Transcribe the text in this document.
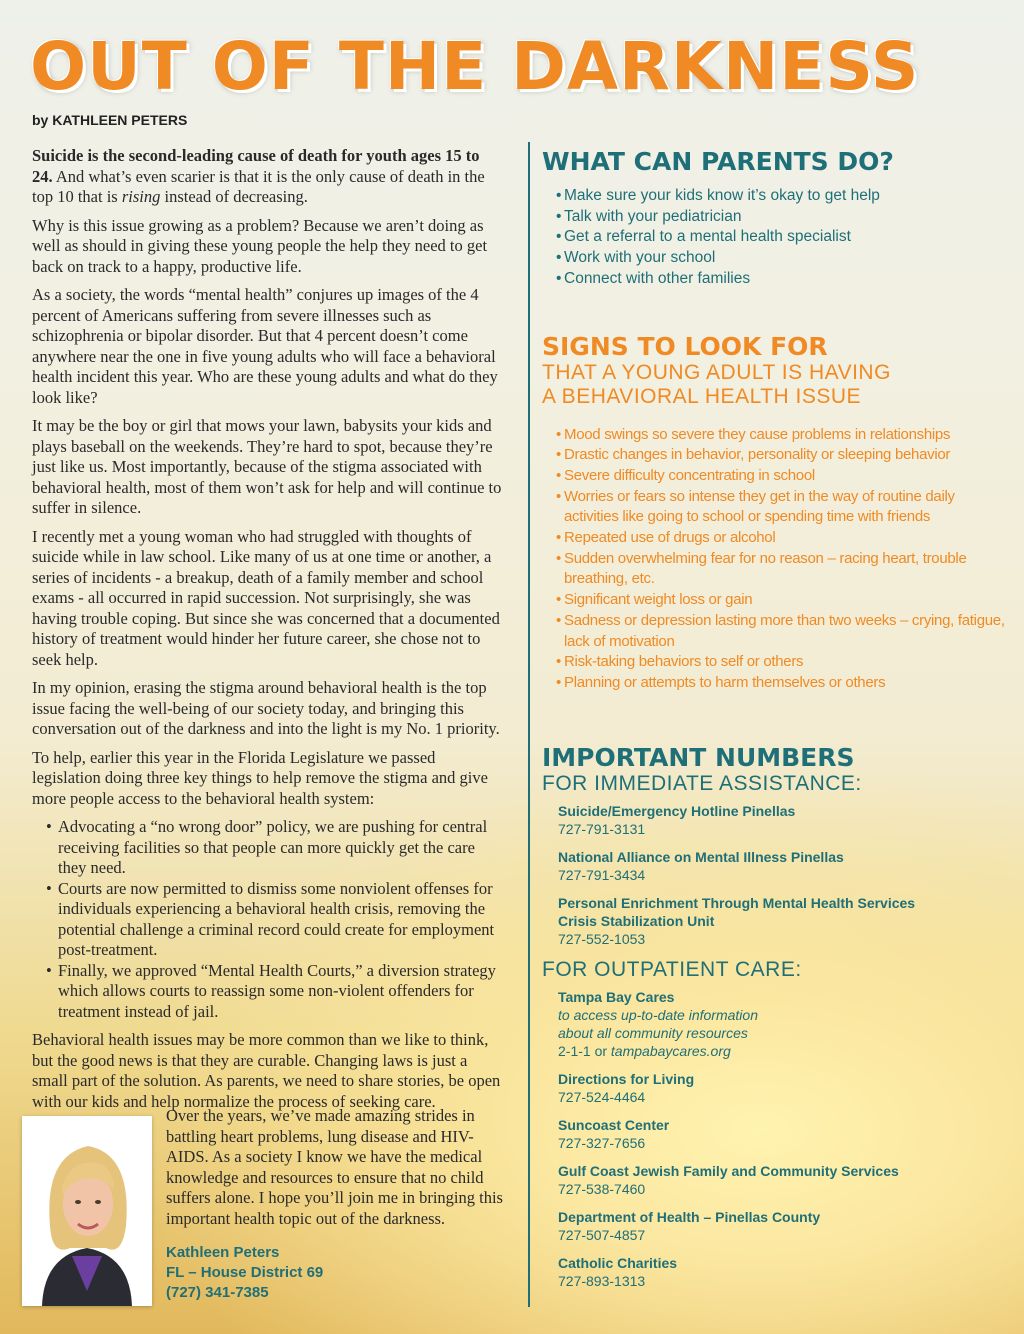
OUT OF THE DARKNESS
by KATHLEEN PETERS

Suicide is the second-leading cause of death for youth ages 15 to 24. And what’s even scarier is that it is the only cause of death in the top 10 that is rising instead of decreasing.

Why is this issue growing as a problem? Because we aren’t doing as well as should in giving these young people the help they need to get back on track to a happy, productive life.

As a society, the words “mental health” conjures up images of the 4 percent of Americans suffering from severe illnesses such as schizophrenia or bipolar disorder. But that 4 percent doesn’t come anywhere near the one in five young adults who will face a behavioral health incident this year. Who are these young adults and what do they look like?

It may be the boy or girl that mows your lawn, babysits your kids and plays baseball on the weekends. They’re hard to spot, because they’re just like us. Most importantly, because of the stigma associated with behavioral health, most of them won’t ask for help and will continue to suffer in silence.

I recently met a young woman who had struggled with thoughts of suicide while in law school. Like many of us at one time or another, a series of incidents - a breakup, death of a family member and school exams - all occurred in rapid succession. Not surprisingly, she was having trouble coping. But since she was concerned that a documented history of treatment would hinder her future career, she chose not to seek help.

In my opinion, erasing the stigma around behavioral health is the top issue facing the well-being of our society today, and bringing this conversation out of the darkness and into the light is my No. 1 priority.

To help, earlier this year in the Florida Legislature we passed legislation doing three key things to help remove the stigma and give more people access to the behavioral health system:

• Advocating a “no wrong door” policy, we are pushing for central receiving facilities so that people can more quickly get the care they need.
• Courts are now permitted to dismiss some nonviolent offenses for individuals experiencing a behavioral health crisis, removing the potential challenge a criminal record could create for employment post-treatment.
• Finally, we approved “Mental Health Courts,” a diversion strategy which allows courts to reassign some non-violent offenders for treatment instead of jail.

Behavioral health issues may be more common than we like to think, but the good news is that they are curable. Changing laws is just a small part of the solution. As parents, we need to share stories, be open with our kids and help normalize the process of seeking care.

Over the years, we’ve made amazing strides in battling heart problems, lung disease and HIV-AIDS. As a society I know we have the medical knowledge and resources to ensure that no child suffers alone. I hope you’ll join me in bringing this important health topic out of the darkness.
Kathleen Peters
FL – House District 69
(727) 341-7385
WHAT CAN PARENTS DO?
• Make sure your kids know it’s okay to get help
• Talk with your pediatrician
• Get a referral to a mental health specialist
• Work with your school
• Connect with other families
SIGNS TO LOOK FOR
THAT A YOUNG ADULT IS HAVING
A BEHAVIORAL HEALTH ISSUE
• Mood swings so severe they cause problems in relationships
• Drastic changes in behavior, personality or sleeping behavior
• Severe difficulty concentrating in school
• Worries or fears so intense they get in the way of routine daily activities like going to school or spending time with friends
• Repeated use of drugs or alcohol
• Sudden overwhelming fear for no reason – racing heart, trouble breathing, etc.
• Significant weight loss or gain
• Sadness or depression lasting more than two weeks – crying, fatigue, lack of motivation
• Risk-taking behaviors to self or others
• Planning or attempts to harm themselves or others
IMPORTANT NUMBERS
FOR IMMEDIATE ASSISTANCE:
Suicide/Emergency Hotline Pinellas
727-791-3131
National Alliance on Mental Illness Pinellas
727-791-3434
Personal Enrichment Through Mental Health Services
Crisis Stabilization Unit
727-552-1053
FOR OUTPATIENT CARE:
Tampa Bay Cares
to access up-to-date information
about all community resources
2-1-1 or tampabaycares.org
Directions for Living
727-524-4464
Suncoast Center
727-327-7656
Gulf Coast Jewish Family and Community Services
727-538-7460
Department of Health – Pinellas County
727-507-4857
Catholic Charities
727-893-1313
